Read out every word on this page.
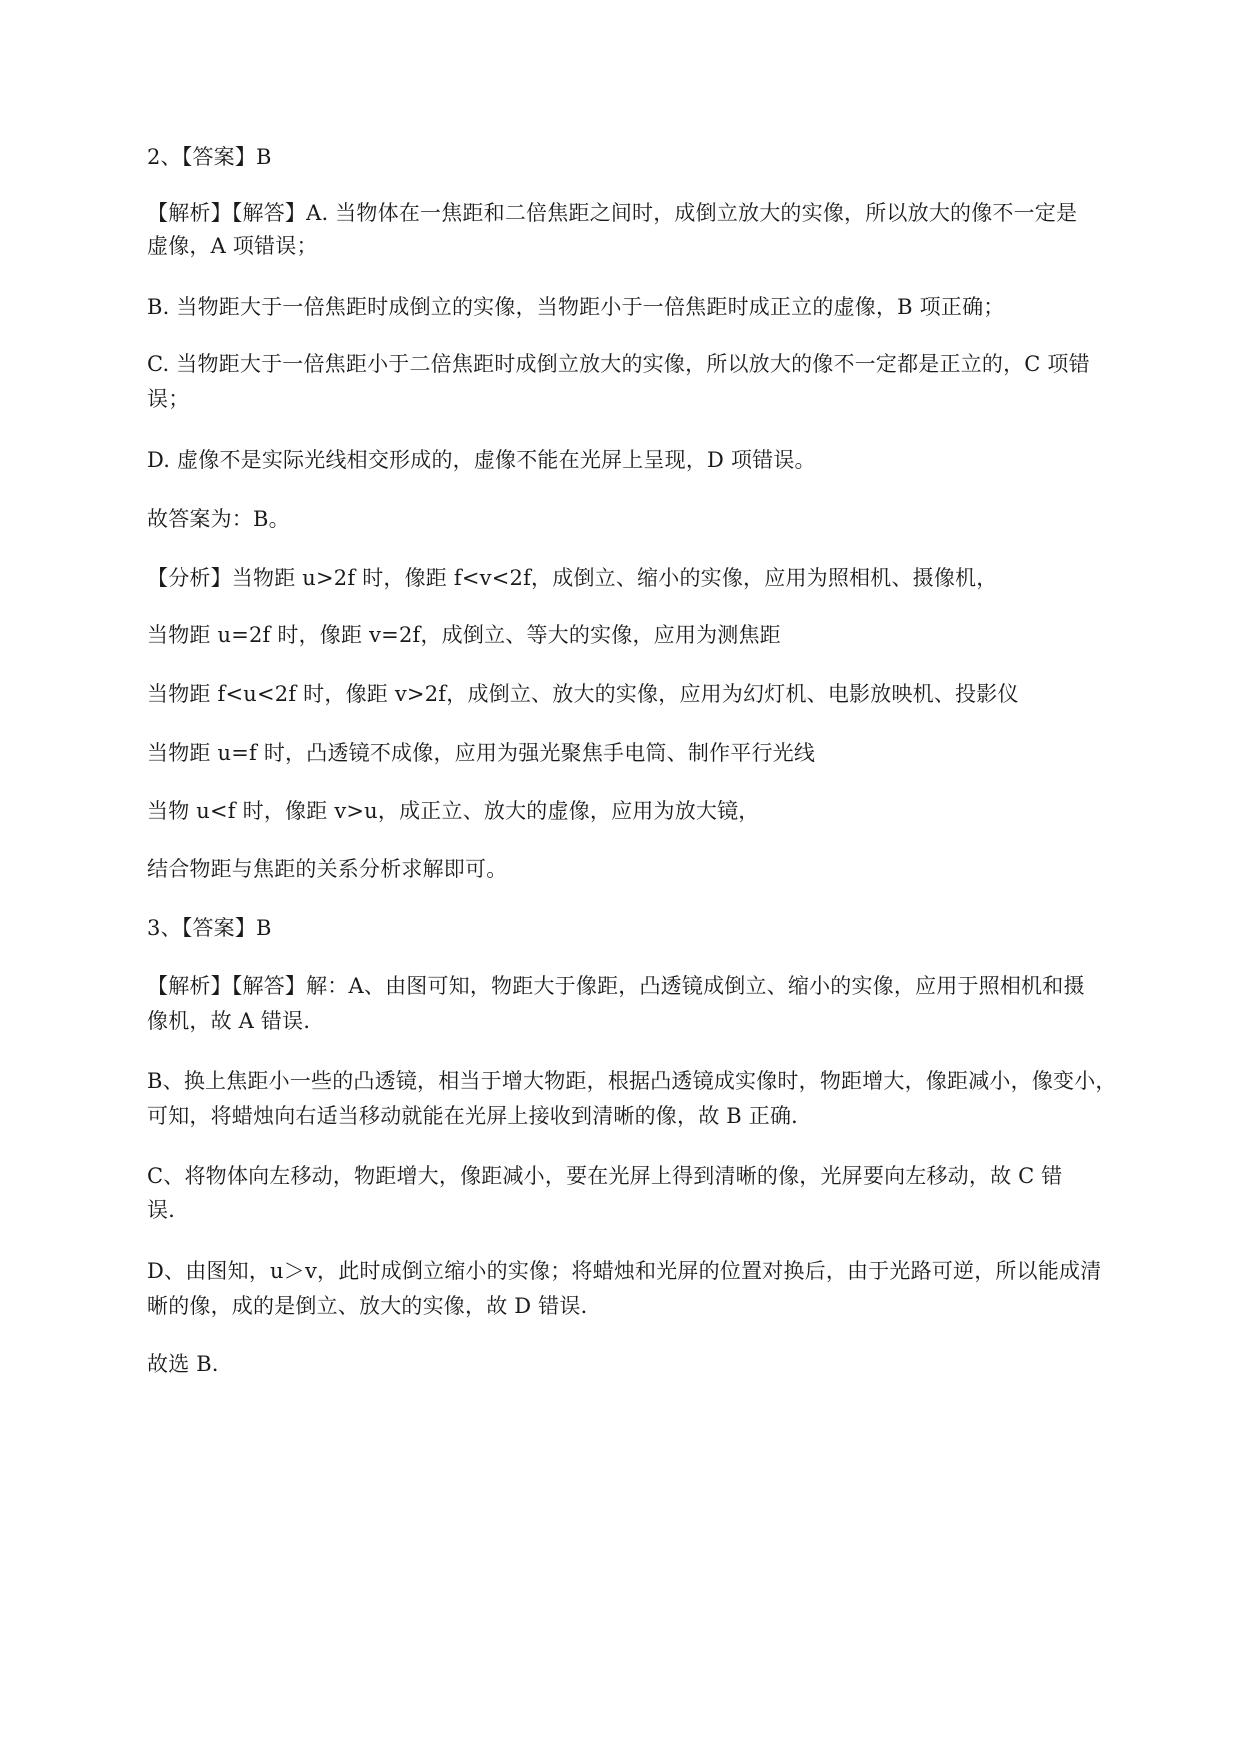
2、【答案】B
【解析】【解答】A. 当物体在一焦距和二倍焦距之间时，成倒立放大的实像，所以放大的像不一定是
虚像，A 项错误；
B. 当物距大于一倍焦距时成倒立的实像，当物距小于一倍焦距时成正立的虚像，B 项正确；
C. 当物距大于一倍焦距小于二倍焦距时成倒立放大的实像，所以放大的像不一定都是正立的，C 项错
误；
D. 虚像不是实际光线相交形成的，虚像不能在光屏上呈现，D 项错误。
故答案为：B。
【分析】当物距 u>2f 时，像距 f<v<2f，成倒立、缩小的实像，应用为照相机、摄像机，
当物距 u=2f 时，像距 v=2f，成倒立、等大的实像，应用为测焦距
当物距 f<u<2f 时，像距 v>2f，成倒立、放大的实像，应用为幻灯机、电影放映机、投影仪
当物距 u=f 时，凸透镜不成像，应用为强光聚焦手电筒、制作平行光线
当物 u<f 时，像距 v>u，成正立、放大的虚像，应用为放大镜，
结合物距与焦距的关系分析求解即可。
3、【答案】B
【解析】【解答】解：A、由图可知，物距大于像距，凸透镜成倒立、缩小的实像，应用于照相机和摄
像机，故 A 错误．
B、换上焦距小一些的凸透镜，相当于增大物距，根据凸透镜成实像时，物距增大，像距减小，像变小，
可知，将蜡烛向右适当移动就能在光屏上接收到清晰的像，故 B 正确．
C、将物体向左移动，物距增大，像距减小，要在光屏上得到清晰的像，光屏要向左移动，故 C 错
误．
D、由图知，u＞v，此时成倒立缩小的实像；将蜡烛和光屏的位置对换后，由于光路可逆，所以能成清
晰的像，成的是倒立、放大的实像，故 D 错误．
故选 B．
